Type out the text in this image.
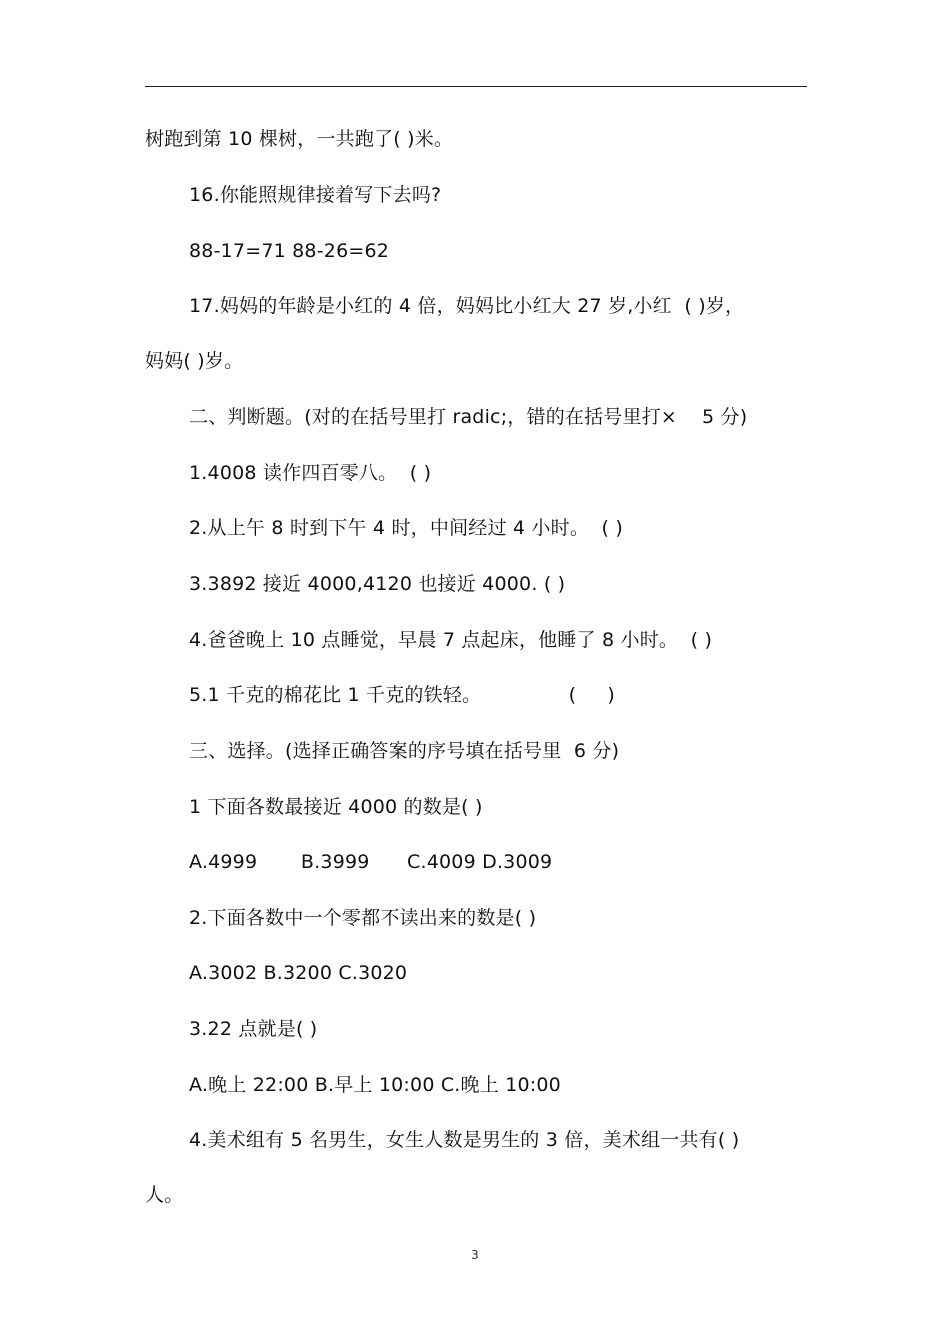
树跑到第 10 棵树，一共跑了( )米。
16.你能照规律接着写下去吗?
88-17=71 88-26=62
17.妈妈的年龄是小红的 4 倍，妈妈比小红大 27 岁,小红  ( )岁，
妈妈( )岁。
二、判断题。(对的在括号里打 radic;，错的在括号里打×    5 分)
1.4008 读作四百零八。  ( )
2.从上午 8 时到下午 4 时，中间经过 4 小时。  ( )
3.3892 接近 4000,4120 也接近 4000. ( )
4.爸爸晚上 10 点睡觉，早晨 7 点起床，他睡了 8 小时。  ( )
5.1 千克的棉花比 1 千克的铁轻。              (     )
三、选择。(选择正确答案的序号填在括号里  6 分)
1 下面各数最接近 4000 的数是( )
A.4999       B.3999      C.4009 D.3009
2.下面各数中一个零都不读出来的数是( )
A.3002 B.3200 C.3020
3.22 点就是( )
A.晚上 22:00 B.早上 10:00 C.晚上 10:00
4.美术组有 5 名男生，女生人数是男生的 3 倍，美术组一共有( )
人。
3
